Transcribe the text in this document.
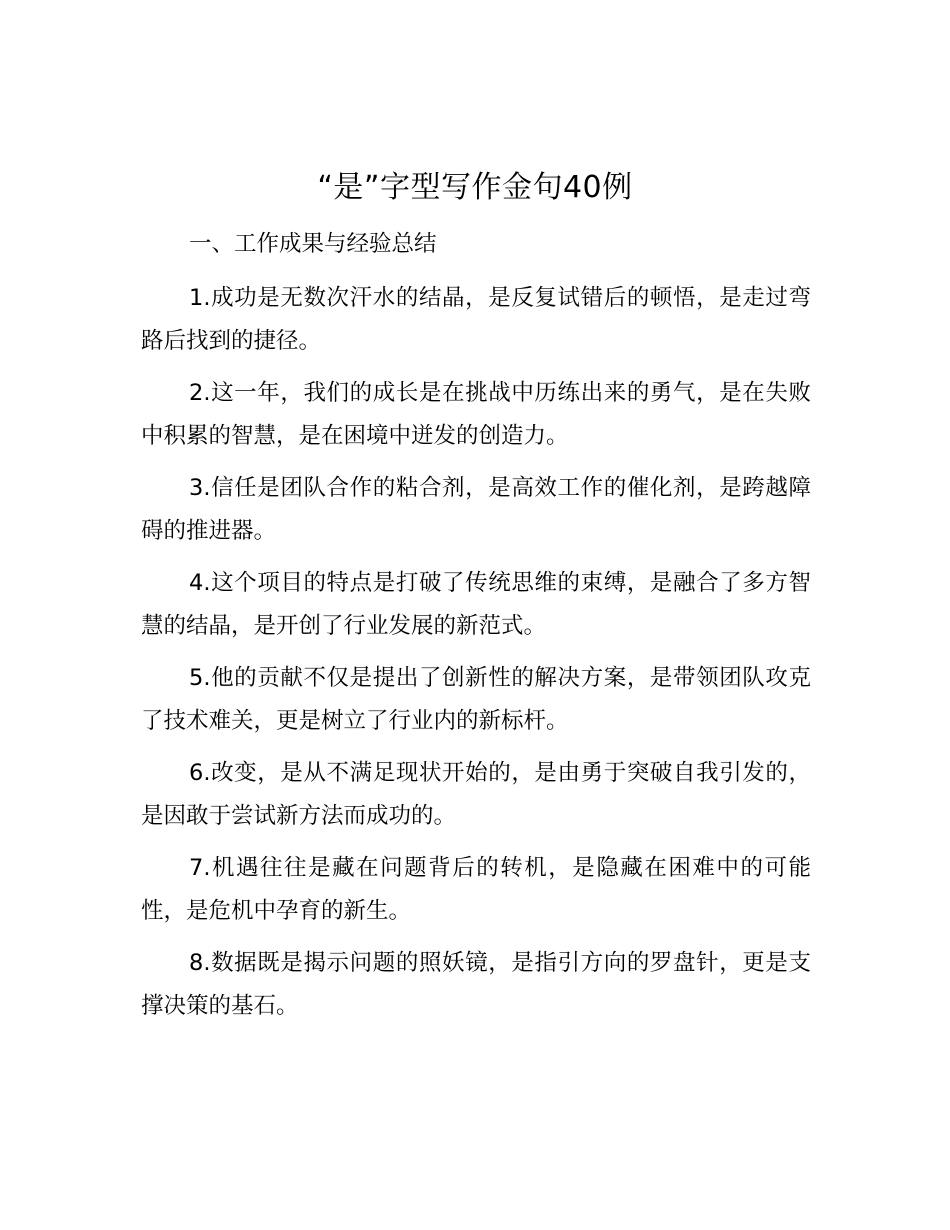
“是”字型写作金句40例

一、工作成果与经验总结

1.成功是无数次汗水的结晶，是反复试错后的顿悟，是走过弯路后找到的捷径。

2.这一年，我们的成长是在挑战中历练出来的勇气，是在失败中积累的智慧，是在困境中迸发的创造力。

3.信任是团队合作的粘合剂，是高效工作的催化剂，是跨越障碍的推进器。

4.这个项目的特点是打破了传统思维的束缚，是融合了多方智慧的结晶，是开创了行业发展的新范式。

5.他的贡献不仅是提出了创新性的解决方案，是带领团队攻克了技术难关，更是树立了行业内的新标杆。

6.改变，是从不满足现状开始的，是由勇于突破自我引发的，是因敢于尝试新方法而成功的。

7.机遇往往是藏在问题背后的转机，是隐藏在困难中的可能性，是危机中孕育的新生。

8.数据既是揭示问题的照妖镜，是指引方向的罗盘针，更是支撑决策的基石。
